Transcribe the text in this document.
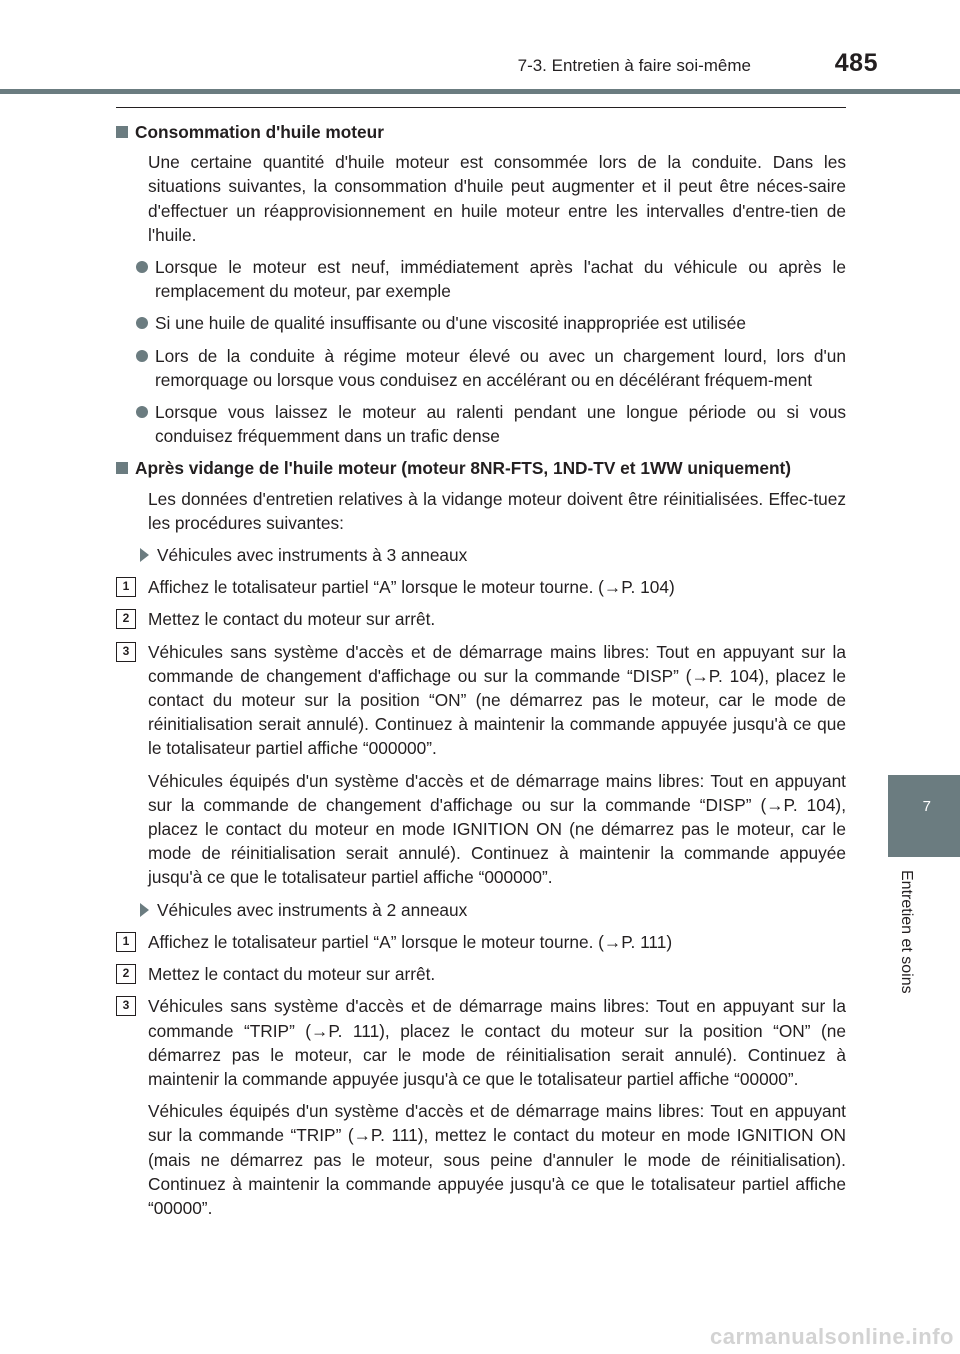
7-3. Entretien à faire soi-même	485
7
Entretien et soins
Consommation d'huile moteur
Une certaine quantité d'huile moteur est consommée lors de la conduite. Dans les situations suivantes, la consommation d'huile peut augmenter et il peut être néces-saire d'effectuer un réapprovisionnement en huile moteur entre les intervalles d'entre-tien de l'huile.
Lorsque le moteur est neuf, immédiatement après l'achat du véhicule ou après le remplacement du moteur, par exemple
Si une huile de qualité insuffisante ou d'une viscosité inappropriée est utilisée
Lors de la conduite à régime moteur élevé ou avec un chargement lourd, lors d'un remorquage ou lorsque vous conduisez en accélérant ou en décélérant fréquem-ment
Lorsque vous laissez le moteur au ralenti pendant une longue période ou si vous conduisez fréquemment dans un trafic dense
Après vidange de l'huile moteur (moteur 8NR-FTS, 1ND-TV et 1WW uniquement)
Les données d'entretien relatives à la vidange moteur doivent être réinitialisées. Effec-tuez les procédures suivantes:
Véhicules avec instruments à 3 anneaux
1	Affichez le totalisateur partiel “A” lorsque le moteur tourne. (→P. 104)
2	Mettez le contact du moteur sur arrêt.
3	Véhicules sans système d'accès et de démarrage mains libres: Tout en appuyant sur la commande de changement d'affichage ou sur la commande “DISP” (→P. 104), placez le contact du moteur sur la position “ON” (ne démarrez pas le moteur, car le mode de réinitialisation serait annulé). Continuez à maintenir la commande appuyée jusqu'à ce que le totalisateur partiel affiche “000000”.
Véhicules équipés d'un système d'accès et de démarrage mains libres: Tout en appuyant sur la commande de changement d'affichage ou sur la commande “DISP” (→P. 104), placez le contact du moteur en mode IGNITION ON (ne démarrez pas le moteur, car le mode de réinitialisation serait annulé). Continuez à maintenir la commande appuyée jusqu'à ce que le totalisateur partiel affiche “000000”.
Véhicules avec instruments à 2 anneaux
1	Affichez le totalisateur partiel “A” lorsque le moteur tourne. (→P. 111)
2	Mettez le contact du moteur sur arrêt.
3	Véhicules sans système d'accès et de démarrage mains libres: Tout en appuyant sur la commande “TRIP” (→P. 111), placez le contact du moteur sur la position “ON” (ne démarrez pas le moteur, car le mode de réinitialisation serait annulé). Continuez à maintenir la commande appuyée jusqu'à ce que le totalisateur partiel affiche “00000”.
Véhicules équipés d'un système d'accès et de démarrage mains libres: Tout en appuyant sur la commande “TRIP” (→P. 111), mettez le contact du moteur en mode IGNITION ON (mais ne démarrez pas le moteur, sous peine d'annuler le mode de réinitialisation). Continuez à maintenir la commande appuyée jusqu'à ce que le totalisateur partiel affiche “00000”.
carmanualsonline.info
